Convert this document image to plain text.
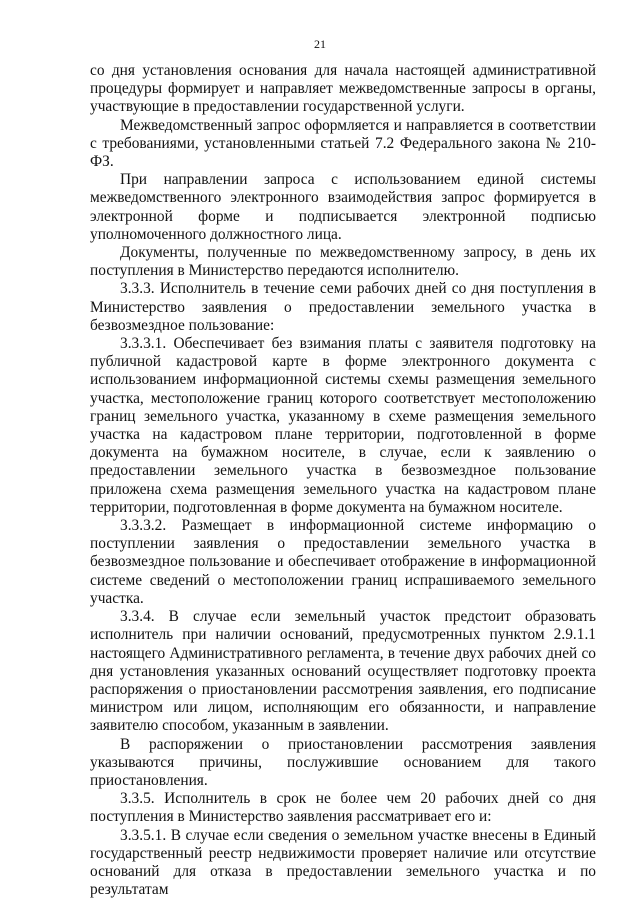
21

со дня установления основания для начала настоящей административной процедуры формирует и направляет межведомственные запросы в органы, участвующие в предоставлении государственной услуги.

Межведомственный запрос оформляется и направляется в соответствии с требованиями, установленными статьей 7.2 Федерального закона № 210-ФЗ.

При направлении запроса с использованием единой системы межведомственного электронного взаимодействия запрос формируется в электронной форме и подписывается электронной подписью уполномоченного должностного лица.

Документы, полученные по межведомственному запросу, в день их поступления в Министерство передаются исполнителю.

3.3.3. Исполнитель в течение семи рабочих дней со дня поступления в Министерство заявления о предоставлении земельного участка в безвозмездное пользование:

3.3.3.1. Обеспечивает без взимания платы с заявителя подготовку на публичной кадастровой карте в форме электронного документа с использованием информационной системы схемы размещения земельного участка, местоположение границ которого соответствует местоположению границ земельного участка, указанному в схеме размещения земельного участка на кадастровом плане территории, подготовленной в форме документа на бумажном носителе, в случае, если к заявлению о предоставлении земельного участка в безвозмездное пользование приложена схема размещения земельного участка на кадастровом плане территории, подготовленная в форме документа на бумажном носителе.

3.3.3.2. Размещает в информационной системе информацию о поступлении заявления о предоставлении земельного участка в безвозмездное пользование и обеспечивает отображение в информационной системе сведений о местоположении границ испрашиваемого земельного участка.

3.3.4. В случае если земельный участок предстоит образовать исполнитель при наличии оснований, предусмотренных пунктом 2.9.1.1 настоящего Административного регламента, в течение двух рабочих дней со дня установления указанных оснований осуществляет подготовку проекта распоряжения о приостановлении рассмотрения заявления, его подписание министром или лицом, исполняющим его обязанности, и направление заявителю способом, указанным в заявлении.

В распоряжении о приостановлении рассмотрения заявления указываются причины, послужившие основанием для такого приостановления.

3.3.5. Исполнитель в срок не более чем 20 рабочих дней со дня поступления в Министерство заявления рассматривает его и:

3.3.5.1. В случае если сведения о земельном участке внесены в Единый государственный реестр недвижимости проверяет наличие или отсутствие оснований для отказа в предоставлении земельного участка и по результатам
